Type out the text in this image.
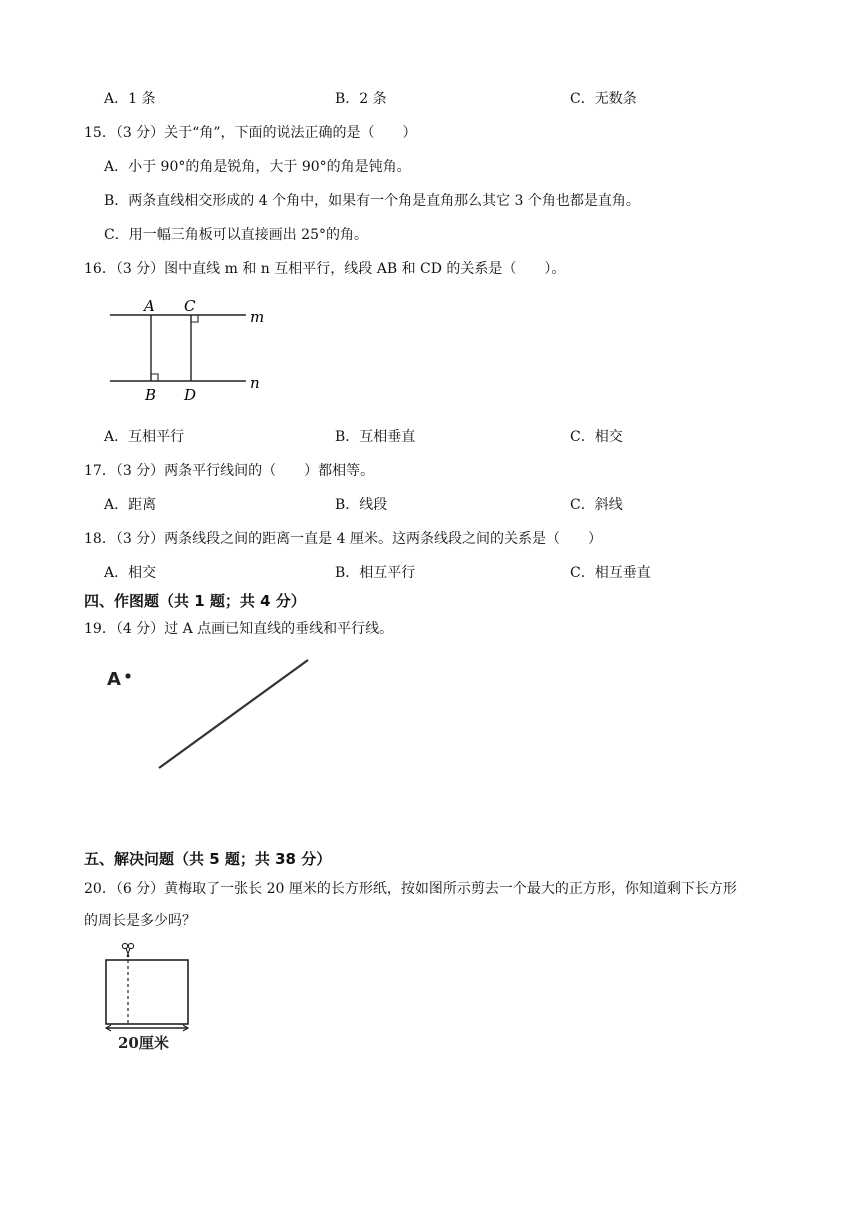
A．1 条	B．2 条	C．无数条
15．（3 分）关于“角”，下面的说法正确的是（　　）
A．小于 90°的角是锐角，大于 90°的角是钝角。
B．两条直线相交形成的 4 个角中，如果有一个角是直角那么其它 3 个角也都是直角。
C．用一幅三角板可以直接画出 25°的角。
16．（3 分）图中直线 m 和 n 互相平行，线段 AB 和 CD 的关系是（　　）。
A C
m
n
B D
A．互相平行	B．互相垂直	C．相交
17．（3 分）两条平行线间的（　　）都相等。
A．距离	B．线段	C．斜线
18．（3 分）两条线段之间的距离一直是 4 厘米。这两条线段之间的关系是（　　）
A．相交	B．相互平行	C．相互垂直
四、作图题（共 1 题；共 4 分）
19．（4 分）过 A 点画已知直线的垂线和平行线。
A
五、解决问题（共 5 题；共 38 分）
20．（6 分）黄梅取了一张长 20 厘米的长方形纸，按如图所示剪去一个最大的正方形，你知道剩下长方形
的周长是多少吗？
20厘米
